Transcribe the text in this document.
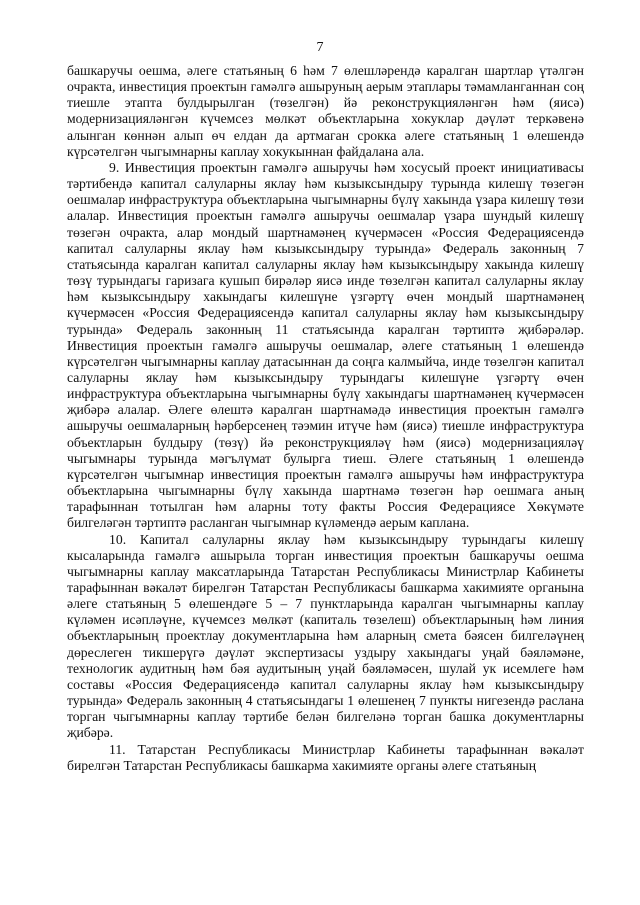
7

башкаручы оешма, әлеге статьяның 6 һәм 7 өлешләрендә каралган шартлар үтәлгән очракта, инвестиция проектын гамәлгә ашыруның аерым этаплары тәмамланганнан соң тиешле этапта булдырылган (төзелгән) йә реконструкцияләнгән һәм (яисә) модернизацияләнгән күчемсез мөлкәт объектларына хокуклар дәүләт теркәвенә алынган көннән алып өч елдан да артмаган срокка әлеге статьяның 1 өлешендә күрсәтелгән чыгымнарны каплау хокукыннан файдалана ала.

9. Инвестиция проектын гамәлгә ашыручы һәм хосусый проект инициативасы тәртибендә капитал салуларны яклау һәм кызыксындыру турында килешү төзегән оешмалар инфраструктура объектларына чыгымнарны бүлү хакында үзара килешү төзи алалар. Инвестиция проектын гамәлгә ашыручы оешмалар үзара шундый килешү төзегән очракта, алар мондый шартнамәнең күчермәсен «Россия Федерациясендә капитал салуларны яклау һәм кызыксындыру турында» Федераль законның 7 статьясында каралган капитал салуларны яклау һәм кызыксындыру хакында килешү төзү турындагы гаризага кушып бирәләр яисә инде төзелгән капитал салуларны яклау һәм кызыксындыру хакындагы килешүне үзгәртү өчен мондый шартнамәнең күчермәсен «Россия Федерациясендә капитал салуларны яклау һәм кызыксындыру турында» Федераль законның 11 статьясында каралган тәртиптә җибәрәләр. Инвестиция проектын гамәлгә ашыручы оешмалар, әлеге статьяның 1 өлешендә күрсәтелгән чыгымнарны каплау датасыннан да соңга калмыйча, инде төзелгән капитал салуларны яклау һәм кызыксындыру турындагы килешүне үзгәртү өчен инфраструктура объектларына чыгымнарны бүлү хакындагы шартнамәнең күчермәсен җибәрә алалар. Әлеге өлештә каралган шартнамәдә инвестиция проектын гамәлгә ашыручы оешмаларның һәрберсенең тәэмин итүче һәм (яисә) тиешле инфраструктура объектларын булдыру (төзү) йә реконструкцияләү һәм (яисә) модернизацияләү чыгымнары турында мәгълүмат булырга тиеш. Әлеге статьяның 1 өлешендә күрсәтелгән чыгымнар инвестиция проектын гамәлгә ашыручы һәм инфраструктура объектларына чыгымнарны бүлү хакында шартнамә төзегән һәр оешмага аның тарафыннан тотылган һәм аларны тоту факты Россия Федерациясе Хөкүмәте билгеләгән тәртиптә расланган чыгымнар күләмендә аерым каплана.

10. Капитал салуларны яклау һәм кызыксындыру турындагы килешү кысаларында гамәлгә ашырыла торган инвестиция проектын башкаручы оешма чыгымнарны каплау максатларында Татарстан Республикасы Министрлар Кабинеты тарафыннан вәкаләт бирелгән Татарстан Республикасы башкарма хакимияте органына әлеге статьяның 5 өлешендәге 5 – 7 пунктларында каралган чыгымнарны каплау күләмен исәпләүне, күчемсез мөлкәт (капиталь төзелеш) объектларының һәм линия объектларының проектлау документларына һәм аларның смета бәясен билгеләүнең дөреслеген тикшерүгә дәүләт экспертизасы уздыру хакындагы уңай бәяләмәне, технологик аудитның һәм бәя аудитының уңай бәяләмәсен, шулай ук исемлеге һәм составы «Россия Федерациясендә капитал салуларны яклау һәм кызыксындыру турында» Федераль законның 4 статьясындагы 1 өлешенең 7 пункты нигезендә раслана торган чыгымнарны каплау тәртибе белән билгеләнә торган башка документларны җибәрә.

11. Татарстан Республикасы Министрлар Кабинеты тарафыннан вәкаләт бирелгән Татарстан Республикасы башкарма хакимияте органы әлеге статьяның
